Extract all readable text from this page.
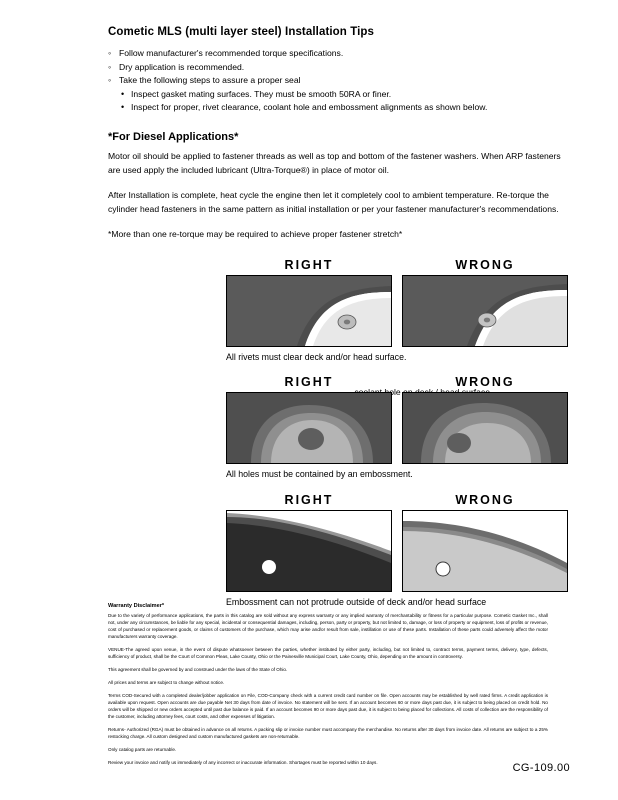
Cometic MLS (multi layer steel) Installation Tips
◦ Follow manufacturer's recommended torque specifications.
◦ Dry application is recommended.
◦ Take the following steps to assure a proper seal
• Inspect gasket mating surfaces. They must be smooth 50RA or finer.
• Inspect for proper, rivet clearance, coolant hole and embossment alignments as shown below.
*For Diesel Applications*

Motor oil should be applied to fastener threads as well as top and bottom of the fastener washers. When ARP fasteners are used apply the included lubricant (Ultra-Torque®) in place of motor oil.

After Installation is complete, heat cycle the engine then let it completely cool to ambient temperature. Re-torque the cylinder head fasteners in the same pattern as initial installation or per your fastener manufacturer's recommendations.

*More than one re-torque may be required to achieve proper fastener stretch*

RIGHT	WRONG
All rivets must clear deck and/or head surface.
hole
RIGHT	WRONG
All holes must be contained by an embossment.
RIGHT	WRONG
Embossment can not protrude outside of deck and/or head surface
Warranty Disclaimer*

Due to the variety of performance applications, the parts in this catalog are sold without any express warranty or any implied warranty of merchantability or fitness for a particular purpose. Cometic Gasket Inc., shall not, under any circumstances, be liable for any special, incidental or consequential damages, including, person, party or property, but not limited to, damage, or loss of property or equipment, loss of profits or revenue, cost of purchased or replacement goods, or claims of customers of the purchase, which may arise and/or result from sale, instillation or use of these parts. Installation of these parts could adversely affect the motor manufacturers warranty coverage.

VENUE-The agreed upon venue, in the event of dispute whatsoever between the parties, whether instituted by either party, including, but not limited to, contract terms, payment terms, delivery, type, defects, sufficiency of product, shall be the Court of Common Pleas, Lake County, Ohio or the Painesville Municipal Court, Lake County, Ohio, depending on the amount in controversy.

This agreement shall be governed by and construed under the laws of the State of Ohio.

All prices and terms are subject to change without notice.

Terms COD-Secured with a completed dealer/jobber application on File, COD-Company check with a current credit card number on file. Open accounts may be established by well rated firms. A credit application is available upon request. Open accounts are due payable Net 30 days from date of invoice. No statement will be sent. If an account becomes 60 or more days past due, it is subject to being placed on credit hold. No orders will be shipped or new orders accepted until past due balance is paid. If an account becomes 90 or more days past due, it is subject to being placed for collections. All costs of collection are the responsibility of the customer, including attorney fees, court costs, and other expenses of litigation.

Returns- Authorized (RGA) must be obtained in advance on all returns. A packing slip or invoice number must accompany the merchandise. No returns after 30 days from invoice date. All returns are subject to a 25% restocking charge. All custom designed and custom manufactured gaskets are non-returnable.

Only catalog parts are returnable.

Review your invoice and notify us immediately of any incorrect or inaccurate information. Shortages must be reported within 10 days.	CG-109.00
